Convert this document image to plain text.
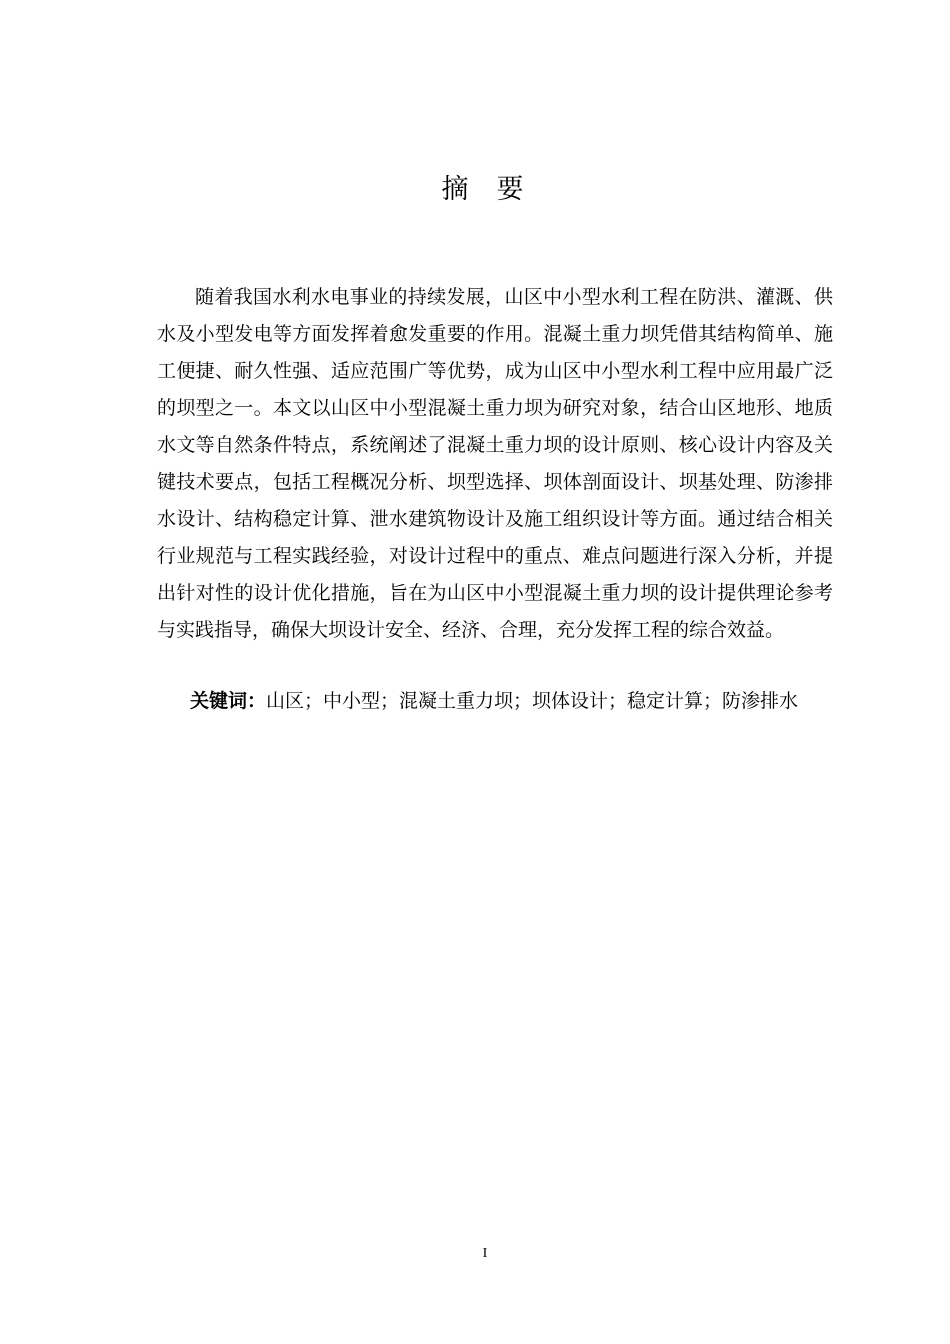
摘要

随着我国水利水电事业的持续发展，山区中小型水利工程在防洪、灌溉、供水及小型发电等方面发挥着愈发重要的作用。混凝土重力坝凭借其结构简单、施工便捷、耐久性强、适应范围广等优势，成为山区中小型水利工程中应用最广泛的坝型之一。本文以山区中小型混凝土重力坝为研究对象，结合山区地形、地质水文等自然条件特点，系统阐述了混凝土重力坝的设计原则、核心设计内容及关键技术要点，包括工程概况分析、坝型选择、坝体剖面设计、坝基处理、防渗排水设计、结构稳定计算、泄水建筑物设计及施工组织设计等方面。通过结合相关行业规范与工程实践经验，对设计过程中的重点、难点问题进行深入分析，并提出针对性的设计优化措施，旨在为山区中小型混凝土重力坝的设计提供理论参考与实践指导，确保大坝设计安全、经济、合理，充分发挥工程的综合效益。

关键词：山区；中小型；混凝土重力坝；坝体设计；稳定计算；防渗排水

I
